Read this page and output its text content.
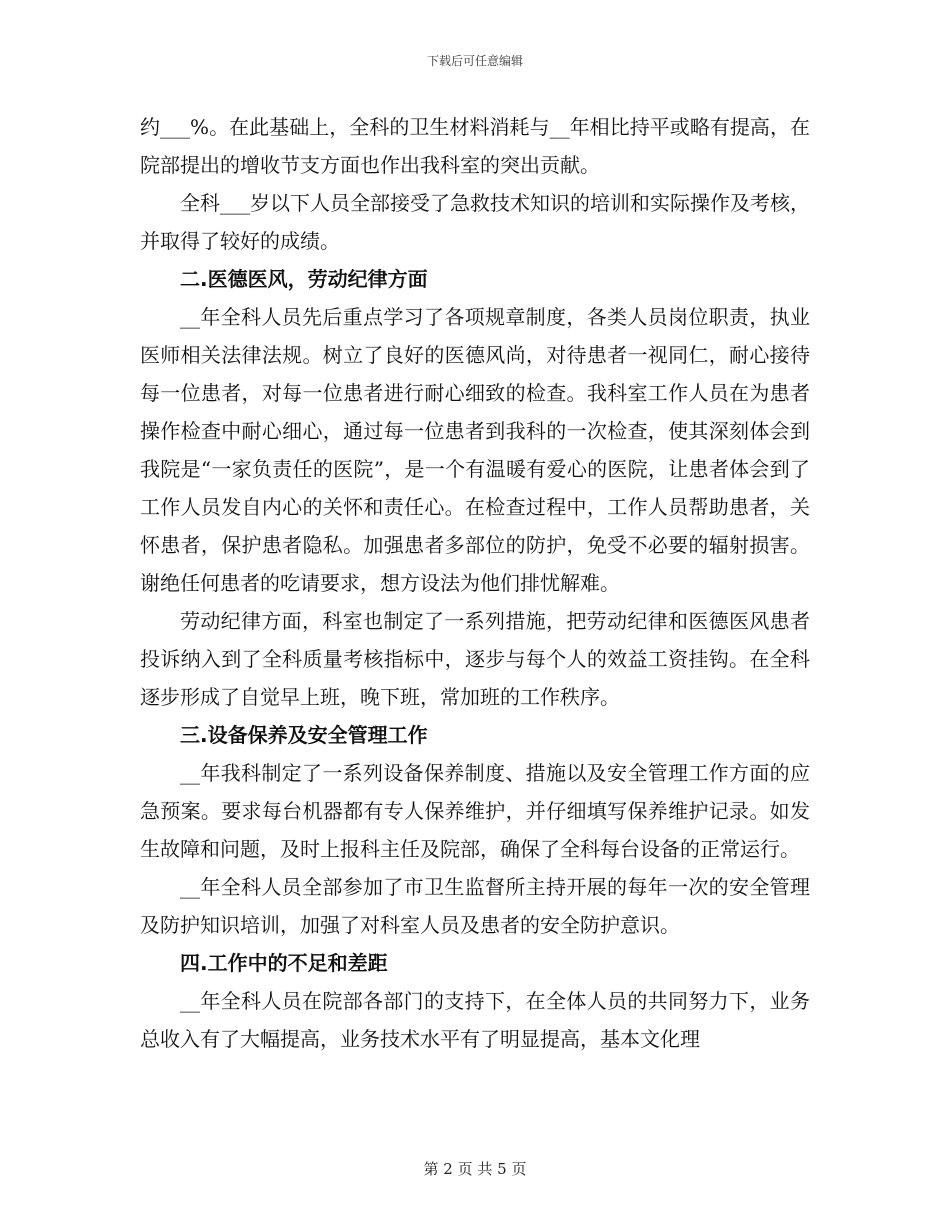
下载后可任意编辑

约___%。在此基础上，全科的卫生材料消耗与__年相比持平或略有提高，在院部提出的增收节支方面也作出我科室的突出贡献。

全科___岁以下人员全部接受了急救技术知识的培训和实际操作及考核，并取得了较好的成绩。

二.医德医风，劳动纪律方面

__年全科人员先后重点学习了各项规章制度，各类人员岗位职责，执业医师相关法律法规。树立了良好的医德风尚，对待患者一视同仁，耐心接待每一位患者，对每一位患者进行耐心细致的检查。我科室工作人员在为患者操作检查中耐心细心，通过每一位患者到我科的一次检查，使其深刻体会到我院是“一家负责任的医院”，是一个有温暖有爱心的医院，让患者体会到了工作人员发自内心的关怀和责任心。在检查过程中，工作人员帮助患者，关怀患者，保护患者隐私。加强患者多部位的防护，免受不必要的辐射损害。谢绝任何患者的吃请要求，想方设法为他们排忧解难。

劳动纪律方面，科室也制定了一系列措施，把劳动纪律和医德医风患者投诉纳入到了全科质量考核指标中，逐步与每个人的效益工资挂钩。在全科逐步形成了自觉早上班，晚下班，常加班的工作秩序。

三.设备保养及安全管理工作

__年我科制定了一系列设备保养制度、措施以及安全管理工作方面的应急预案。要求每台机器都有专人保养维护，并仔细填写保养维护记录。如发生故障和问题，及时上报科主任及院部，确保了全科每台设备的正常运行。

__年全科人员全部参加了市卫生监督所主持开展的每年一次的安全管理及防护知识培训，加强了对科室人员及患者的安全防护意识。

四.工作中的不足和差距

__年全科人员在院部各部门的支持下，在全体人员的共同努力下，业务总收入有了大幅提高，业务技术水平有了明显提高，基本文化理

第 2 页 共 5 页
